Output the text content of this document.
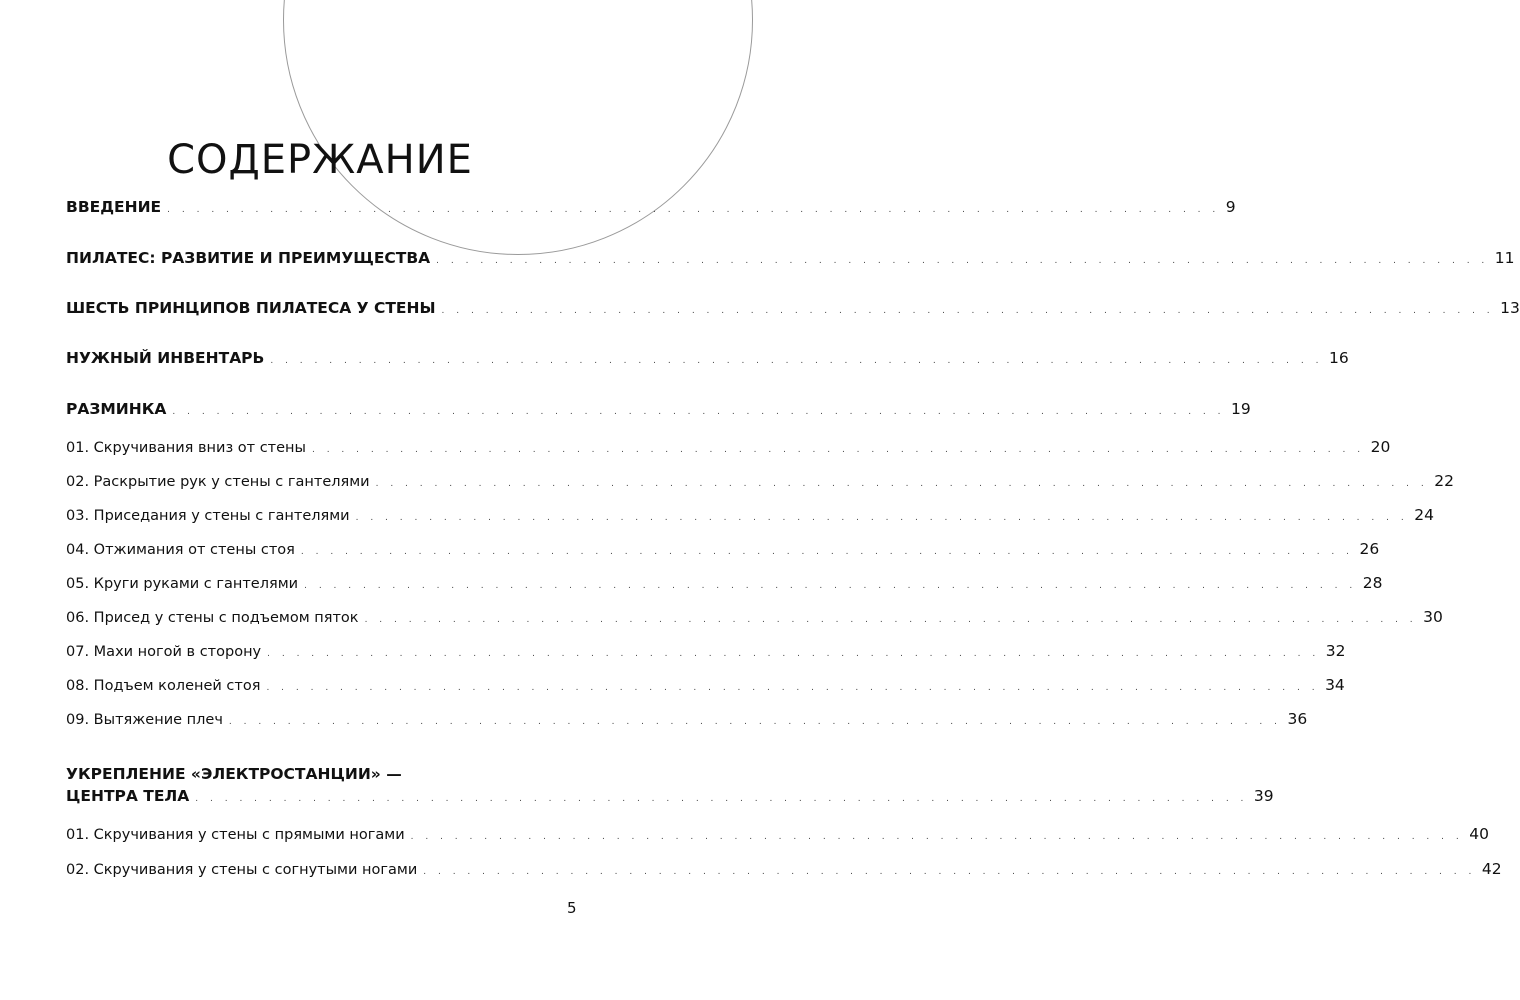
СОДЕРЖАНИЕ
ВВЕДЕНИЕ . . . . . . . . . . . . . . . . . . . . . . . . . . . . . . . . . . . . . . . . . . . . . . . . . . . . . . . . . . . . . . . . . . . . . . . . 9
ПИЛАТЕС: РАЗВИТИЕ И ПРЕИМУЩЕСТВА . . . . . . . . . . . . . . . . . . . . . . . . . . . . . . . . . . . . . . . . . . . . . . . . . . . . . . . . . . . . . . . . . . . . . . . . 11
ШЕСТЬ ПРИНЦИПОВ ПИЛАТЕСА У СТЕНЫ . . . . . . . . . . . . . . . . . . . . . . . . . . . . . . . . . . . . . . . . . . . . . . . . . . . . . . . . . . . . . . . . . . . . . . . . 13
НУЖНЫЙ ИНВЕНТАРЬ . . . . . . . . . . . . . . . . . . . . . . . . . . . . . . . . . . . . . . . . . . . . . . . . . . . . . . . . . . . . . . . . . . . . . . . . 16
РАЗМИНКА . . . . . . . . . . . . . . . . . . . . . . . . . . . . . . . . . . . . . . . . . . . . . . . . . . . . . . . . . . . . . . . . . . . . . . . . 19
01. Скручивания вниз от стены . . . . . . . . . . . . . . . . . . . . . . . . . . . . . . . . . . . . . . . . . . . . . . . . . . . . . . . . . . . . . . . . . . . . . . . . 20
02. Раскрытие рук у стены с гантелями . . . . . . . . . . . . . . . . . . . . . . . . . . . . . . . . . . . . . . . . . . . . . . . . . . . . . . . . . . . . . . . . . . . . . . . . 22
03. Приседания у стены с гантелями . . . . . . . . . . . . . . . . . . . . . . . . . . . . . . . . . . . . . . . . . . . . . . . . . . . . . . . . . . . . . . . . . . . . . . . . 24
04. Отжимания от стены стоя . . . . . . . . . . . . . . . . . . . . . . . . . . . . . . . . . . . . . . . . . . . . . . . . . . . . . . . . . . . . . . . . . . . . . . . . 26
05. Круги руками с гантелями . . . . . . . . . . . . . . . . . . . . . . . . . . . . . . . . . . . . . . . . . . . . . . . . . . . . . . . . . . . . . . . . . . . . . . . . 28
06. Присед у стены с подъемом пяток . . . . . . . . . . . . . . . . . . . . . . . . . . . . . . . . . . . . . . . . . . . . . . . . . . . . . . . . . . . . . . . . . . . . . . . . 30
07. Махи ногой в сторону . . . . . . . . . . . . . . . . . . . . . . . . . . . . . . . . . . . . . . . . . . . . . . . . . . . . . . . . . . . . . . . . . . . . . . . . 32
08. Подъем коленей стоя . . . . . . . . . . . . . . . . . . . . . . . . . . . . . . . . . . . . . . . . . . . . . . . . . . . . . . . . . . . . . . . . . . . . . . . . 34
09. Вытяжение плеч . . . . . . . . . . . . . . . . . . . . . . . . . . . . . . . . . . . . . . . . . . . . . . . . . . . . . . . . . . . . . . . . . . . . . . . . 36
УКРЕПЛЕНИЕ «ЭЛЕКТРОСТАНЦИИ» —
ЦЕНТРА ТЕЛА . . . . . . . . . . . . . . . . . . . . . . . . . . . . . . . . . . . . . . . . . . . . . . . . . . . . . . . . . . . . . . . . . . . . . . . . 39
01. Скручивания у стены с прямыми ногами . . . . . . . . . . . . . . . . . . . . . . . . . . . . . . . . . . . . . . . . . . . . . . . . . . . . . . . . . . . . . . . . . . . . . . . . 40
02. Скручивания у стены с согнутыми ногами . . . . . . . . . . . . . . . . . . . . . . . . . . . . . . . . . . . . . . . . . . . . . . . . . . . . . . . . . . . . . . . . . . . . . . . . 42
5
